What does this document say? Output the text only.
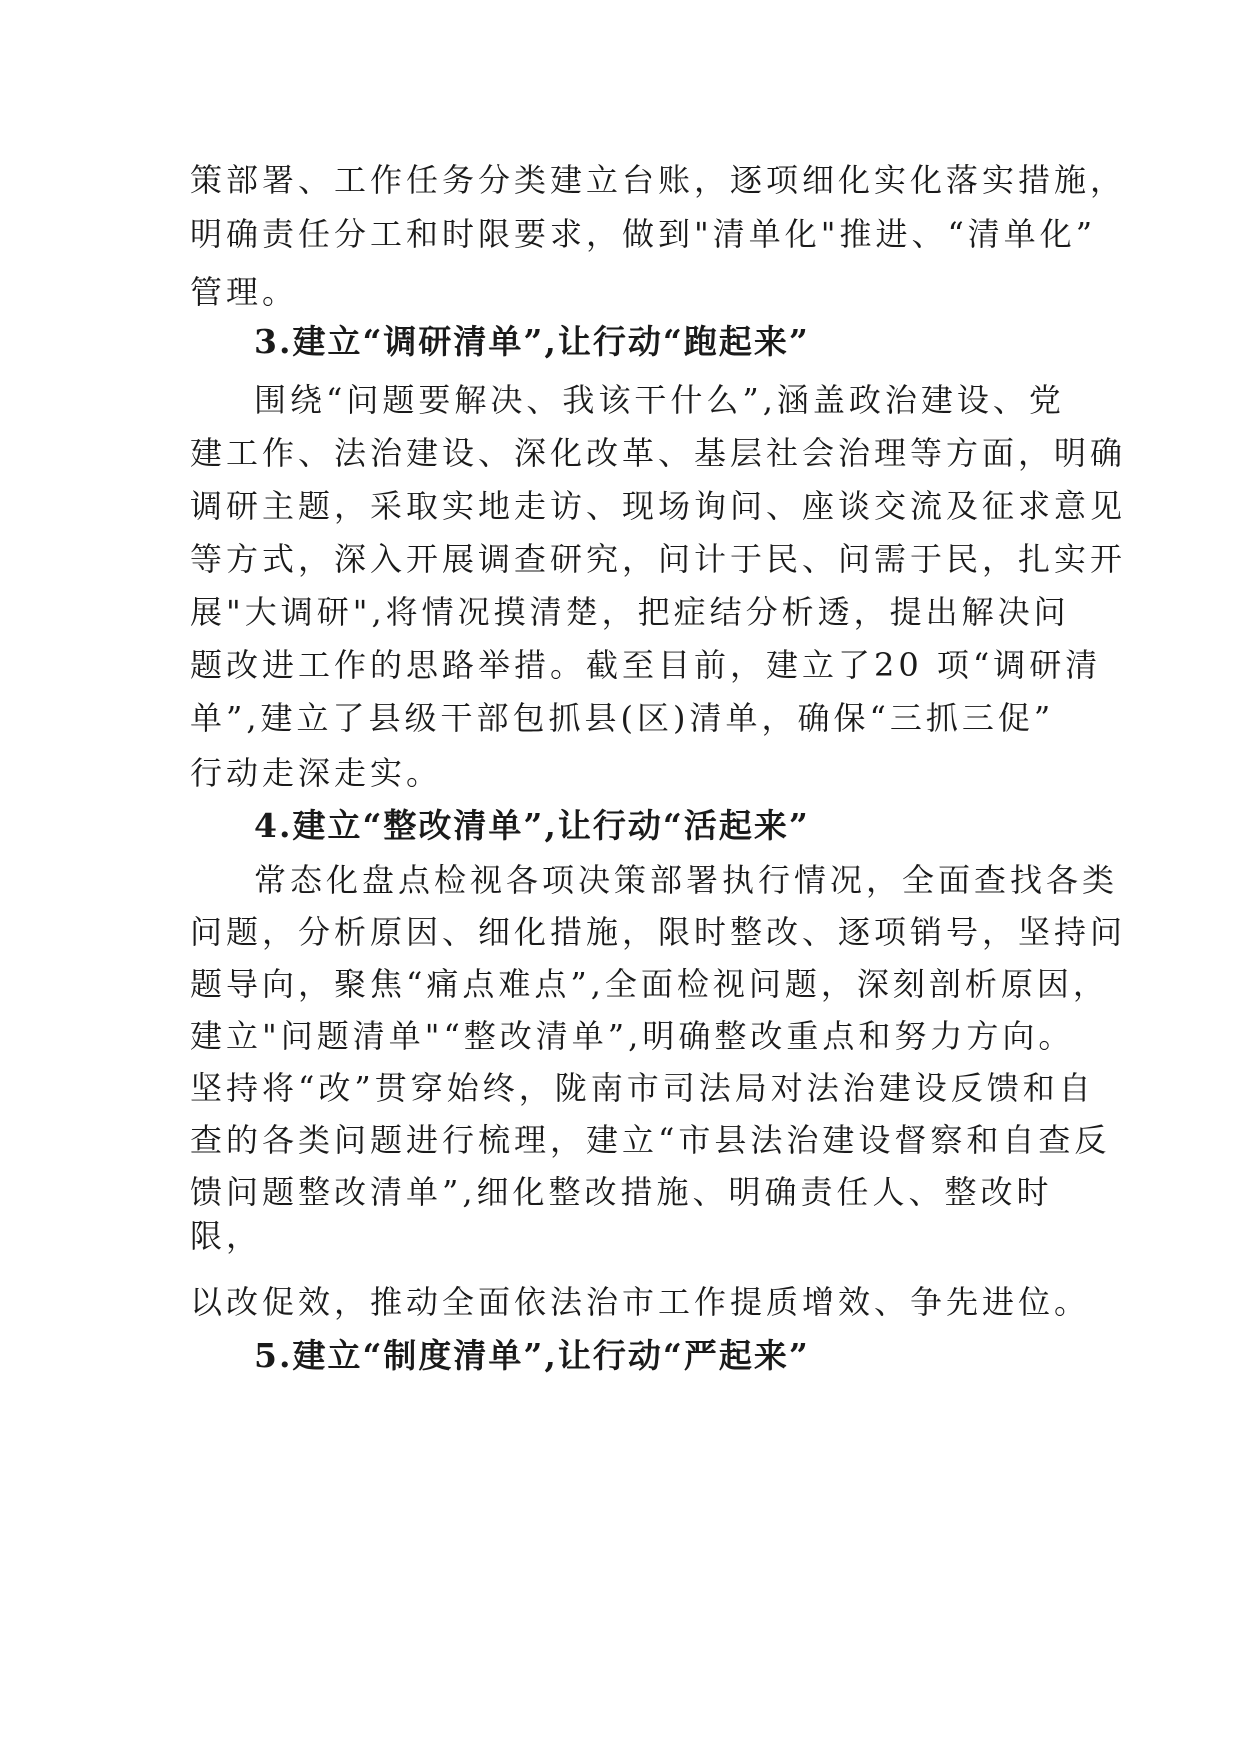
策部署、工作任务分类建立台账，逐项细化实化落实措施，
明确责任分工和时限要求，做到"清单化"推进、“清单化”
管理。
3.建立“调研清单”,让行动“跑起来”
围绕“问题要解决、我该干什么”,涵盖政治建设、党
建工作、法治建设、深化改革、基层社会治理等方面，明确
调研主题，采取实地走访、现场询问、座谈交流及征求意见
等方式，深入开展调查研究，问计于民、问需于民，扎实开
展"大调研",将情况摸清楚，把症结分析透，提出解决问
题改进工作的思路举措。截至目前，建立了20 项“调研清
单”,建立了县级干部包抓县(区)清单，确保“三抓三促”
行动走深走实。
4.建立“整改清单”,让行动“活起来”
常态化盘点检视各项决策部署执行情况，全面查找各类
问题，分析原因、细化措施，限时整改、逐项销号，坚持问
题导向，聚焦“痛点难点”,全面检视问题，深刻剖析原因，
建立"问题清单"“整改清单”,明确整改重点和努力方向。
坚持将“改”贯穿始终，陇南市司法局对法治建设反馈和自
查的各类问题进行梳理，建立“市县法治建设督察和自查反
馈问题整改清单”,细化整改措施、明确责任人、整改时
限，
以改促效，推动全面依法治市工作提质增效、争先进位。
5.建立“制度清单”,让行动“严起来”
